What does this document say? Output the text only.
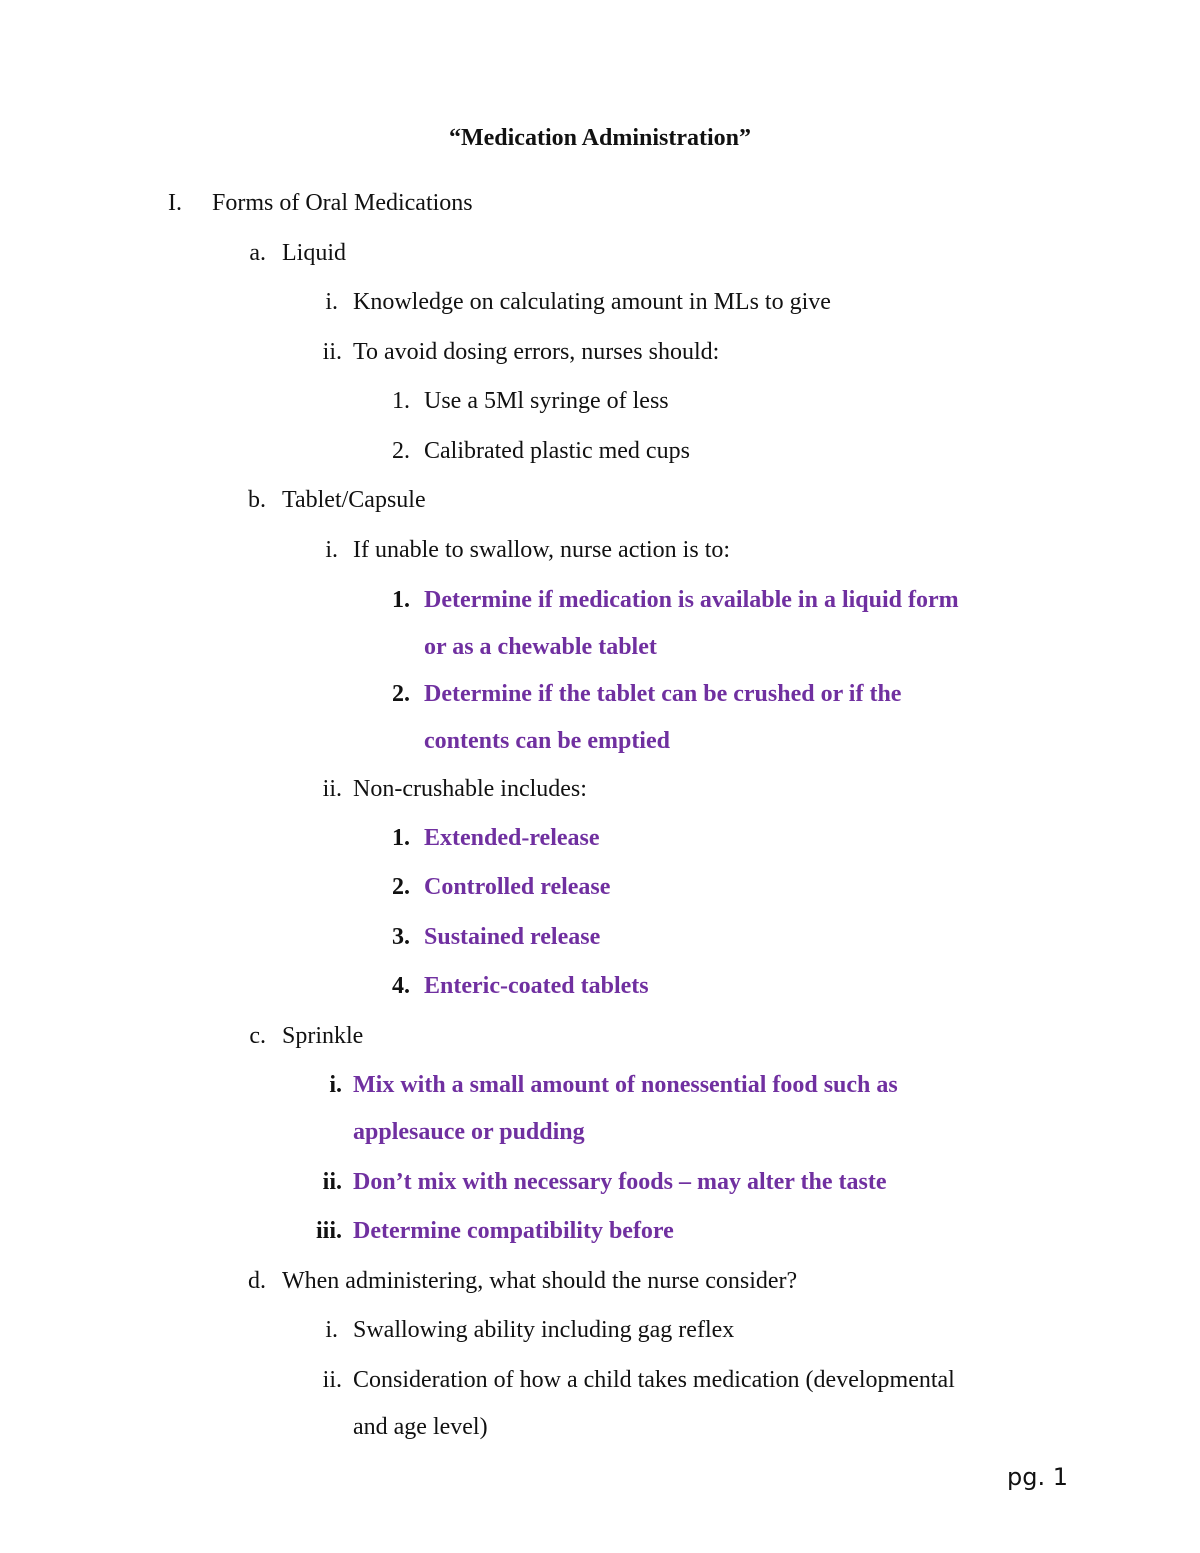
“Medication Administration”
I. Forms of Oral Medications
a. Liquid
i. Knowledge on calculating amount in MLs to give
ii. To avoid dosing errors, nurses should:
1. Use a 5Ml syringe of less
2. Calibrated plastic med cups
b. Tablet/Capsule
i. If unable to swallow, nurse action is to:
1. Determine if medication is available in a liquid form
or as a chewable tablet
2. Determine if the tablet can be crushed or if the
contents can be emptied
ii. Non-crushable includes:
1. Extended-release
2. Controlled release
3. Sustained release
4. Enteric-coated tablets
c. Sprinkle
i. Mix with a small amount of nonessential food such as
applesauce or pudding
ii. Don’t mix with necessary foods – may alter the taste
iii. Determine compatibility before
d. When administering, what should the nurse consider?
i. Swallowing ability including gag reflex
ii. Consideration of how a child takes medication (developmental
and age level)
pg. 1
